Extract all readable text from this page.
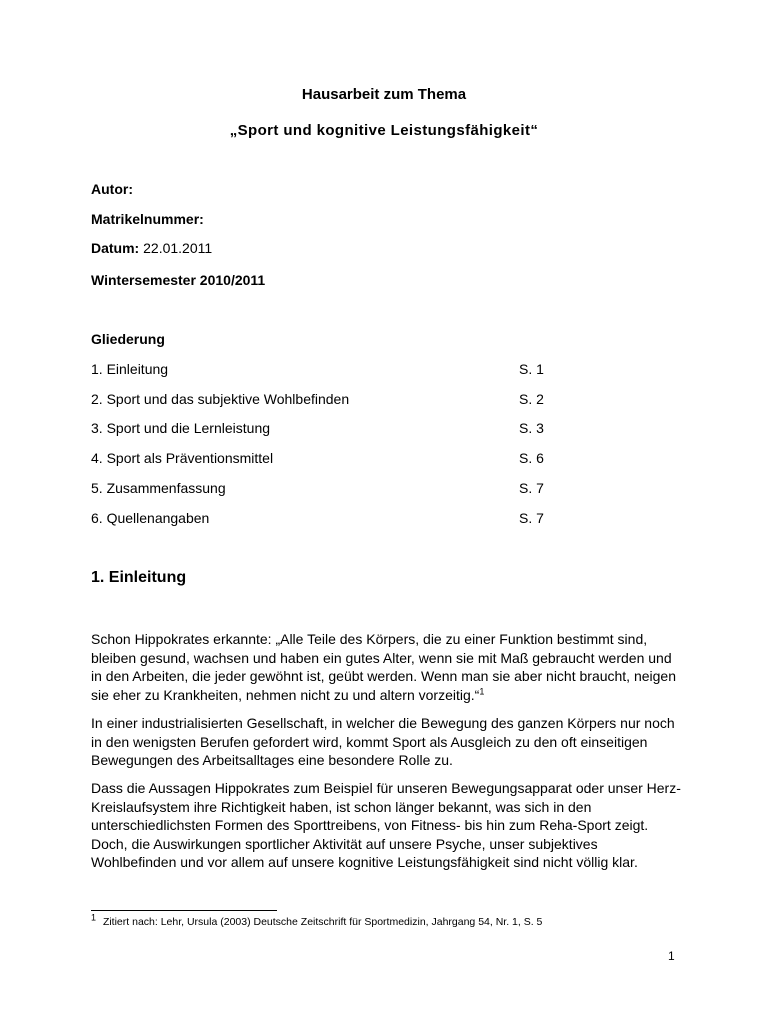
Hausarbeit zum Thema
„Sport und kognitive Leistungsfähigkeit“
Autor:
Matrikelnummer:
Datum: 22.01.2011
Wintersemester 2010/2011
Gliederung
1. Einleitung	S. 1
2. Sport und das subjektive Wohlbefinden	S. 2
3. Sport und die Lernleistung	S. 3
4. Sport als Präventionsmittel	S. 6
5. Zusammenfassung	S. 7
6. Quellenangaben	S. 7
1. Einleitung
Schon Hippokrates erkannte: „Alle Teile des Körpers, die zu einer Funktion bestimmt sind, bleiben gesund, wachsen und haben ein gutes Alter, wenn sie mit Maß gebraucht werden und in den Arbeiten, die jeder gewöhnt ist, geübt werden. Wenn man sie aber nicht braucht, neigen sie eher zu Krankheiten, nehmen nicht zu und altern vorzeitig.“$^1$
In einer industrialisierten Gesellschaft, in welcher die Bewegung des ganzen Körpers nur noch in den wenigsten Berufen gefordert wird, kommt Sport als Ausgleich zu den oft einseitigen Bewegungen des Arbeitsalltages eine besondere Rolle zu.
Dass die Aussagen Hippokrates zum Beispiel für unseren Bewegungsapparat oder unser Herz-Kreislaufsystem ihre Richtigkeit haben, ist schon länger bekannt, was sich in den unterschiedlichsten Formen des Sporttreibens, von Fitness- bis hin zum Reha-Sport zeigt. Doch, die Auswirkungen sportlicher Aktivität auf unsere Psyche, unser subjektives Wohlbefinden und vor allem auf unsere kognitive Leistungsfähigkeit sind nicht völlig klar.
1 Zitiert nach: Lehr, Ursula (2003) Deutsche Zeitschrift für Sportmedizin, Jahrgang 54, Nr. 1, S. 5
1
